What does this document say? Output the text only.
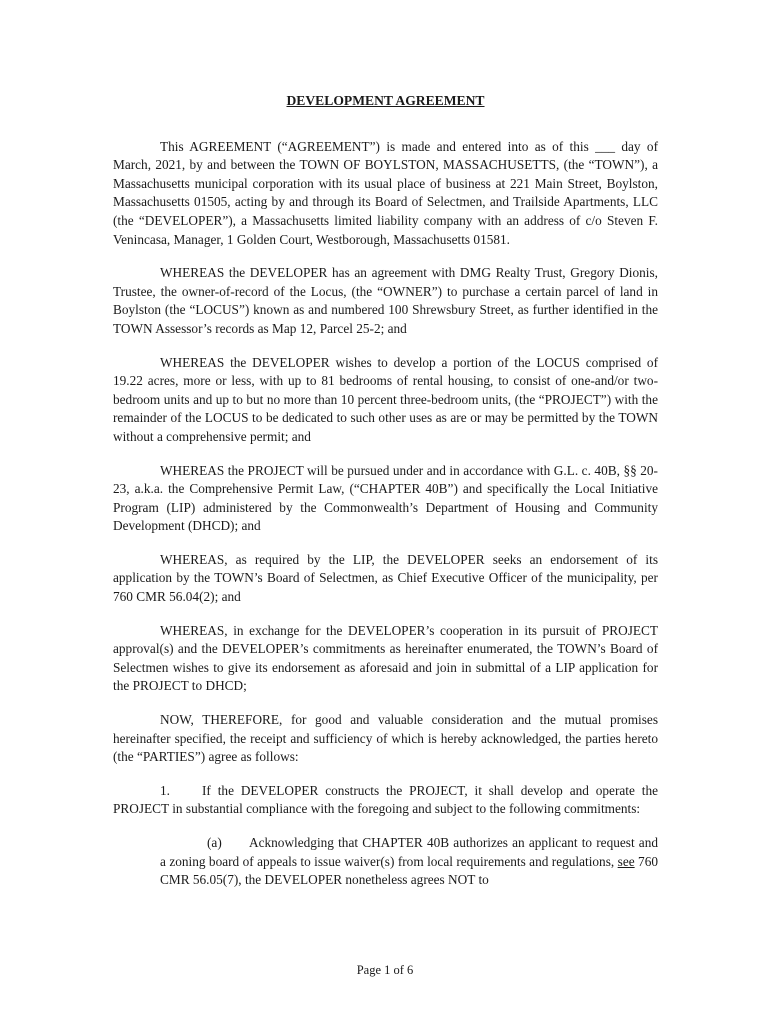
DEVELOPMENT AGREEMENT

This AGREEMENT (“AGREEMENT”) is made and entered into as of this ___ day of March, 2021, by and between the TOWN OF BOYLSTON, MASSACHUSETTS, (the “TOWN”), a Massachusetts municipal corporation with its usual place of business at 221 Main Street, Boylston, Massachusetts 01505, acting by and through its Board of Selectmen, and Trailside Apartments, LLC (the “DEVELOPER”), a Massachusetts limited liability company with an address of c/o Steven F. Venincasa, Manager, 1 Golden Court, Westborough, Massachusetts 01581.

WHEREAS the DEVELOPER has an agreement with DMG Realty Trust, Gregory Dionis, Trustee, the owner-of-record of the Locus, (the “OWNER”) to purchase a certain parcel of land in Boylston (the “LOCUS”) known as and numbered 100 Shrewsbury Street, as further identified in the TOWN Assessor’s records as Map 12, Parcel 25-2; and

WHEREAS the DEVELOPER wishes to develop a portion of the LOCUS comprised of 19.22 acres, more or less, with up to 81 bedrooms of rental housing, to consist of one-and/or two-bedroom units and up to but no more than 10 percent three-bedroom units, (the “PROJECT”) with the remainder of the LOCUS to be dedicated to such other uses as are or may be permitted by the TOWN without a comprehensive permit; and

WHEREAS the PROJECT will be pursued under and in accordance with G.L. c. 40B, §§ 20-23, a.k.a. the Comprehensive Permit Law, (“CHAPTER 40B”) and specifically the Local Initiative Program (LIP) administered by the Commonwealth’s Department of Housing and Community Development (DHCD); and

WHEREAS, as required by the LIP, the DEVELOPER seeks an endorsement of its application by the TOWN’s Board of Selectmen, as Chief Executive Officer of the municipality, per 760 CMR 56.04(2); and

WHEREAS, in exchange for the DEVELOPER’s cooperation in its pursuit of PROJECT approval(s) and the DEVELOPER’s commitments as hereinafter enumerated, the TOWN’s Board of Selectmen wishes to give its endorsement as aforesaid and join in submittal of a LIP application for the PROJECT to DHCD;

NOW, THEREFORE, for good and valuable consideration and the mutual promises hereinafter specified, the receipt and sufficiency of which is hereby acknowledged, the parties hereto (the “PARTIES”) agree as follows:

1. If the DEVELOPER constructs the PROJECT, it shall develop and operate the PROJECT in substantial compliance with the foregoing and subject to the following commitments:

(a) Acknowledging that CHAPTER 40B authorizes an applicant to request and a zoning board of appeals to issue waiver(s) from local requirements and regulations, see 760 CMR 56.05(7), the DEVELOPER nonetheless agrees NOT to

Page 1 of 6
